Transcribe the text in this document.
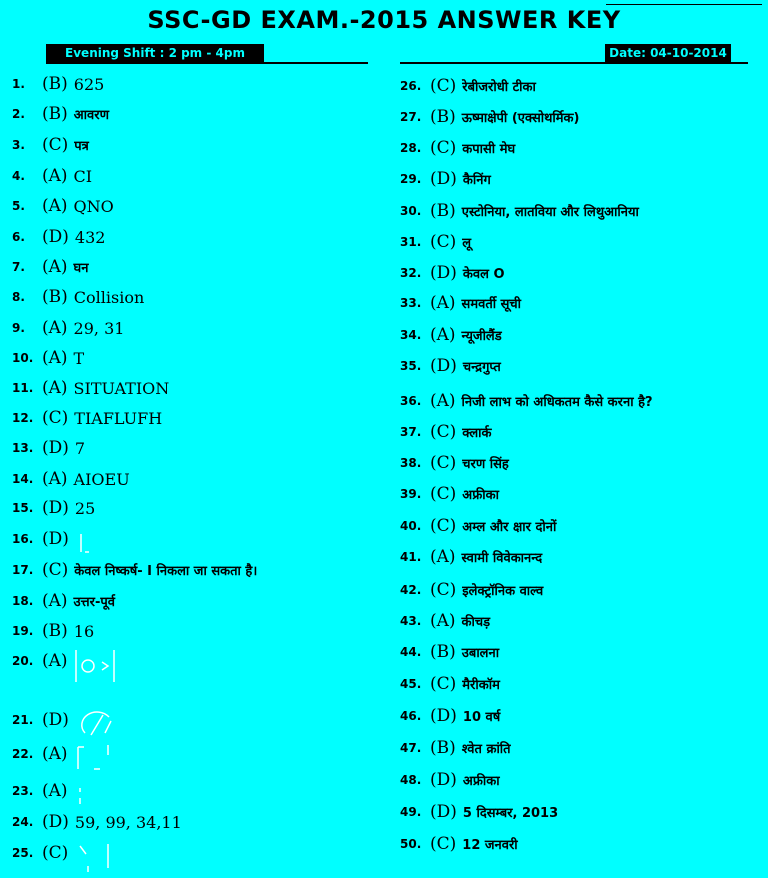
SSC-GD EXAM.-2015 ANSWER KEY
Evening Shift : 2 pm - 4pm	Date: 04-10-2014
1.	(B) 625
2.	(B) आवरण
3.	(C) पत्र
4.	(A) CI
5.	(A) QNO
6.	(D) 432
7.	(A) घन
8.	(B) Collision
9.	(A) 29, 31
10. (A) T
11. (A) SITUATION
12. (C) TIAFLUFH
13. (D) 7
14. (A) AIOEU
15. (D) 25
16. (D)
17. (C) केवल निष्कर्ष- I निकला जा सकता है।
18. (A) उत्तर-पूर्व
19. (B) 16
20. (A)
21. (D)
22. (A)
23. (A)
24. (D) 59, 99, 34,11
25. (C)
26. (C) रेबीजरोधी टीका
27. (B) ऊष्माक्षेपी (एक्सोथर्मिक)
28. (C) कपासी मेघ
29. (D) कैनिंग
30. (B) एस्टोनिया, लातविया और लिथुआनिया
31. (C) लू
32. (D) केवल O
33. (A) समवर्ती सूची
34. (A) न्यूजीलैंड
35. (D) चन्द्रगुप्त
36. (A) निजी लाभ को अधिकतम कैसे करना है?
37. (C) क्लार्क
38. (C) चरण सिंह
39. (C) अफ्रीका
40. (C) अम्ल और क्षार दोनों
41. (A) स्वामी विवेकानन्द
42. (C) इलेक्ट्रॉनिक वाल्व
43. (A) कीचड़
44. (B) उबालना
45. (C) मैरीकॉम
46. (D) 10 वर्ष
47. (B) श्वेत क्रांति
48. (D) अफ्रीका
49. (D) 5 दिसम्बर, 2013
50. (C) 12 जनवरी
